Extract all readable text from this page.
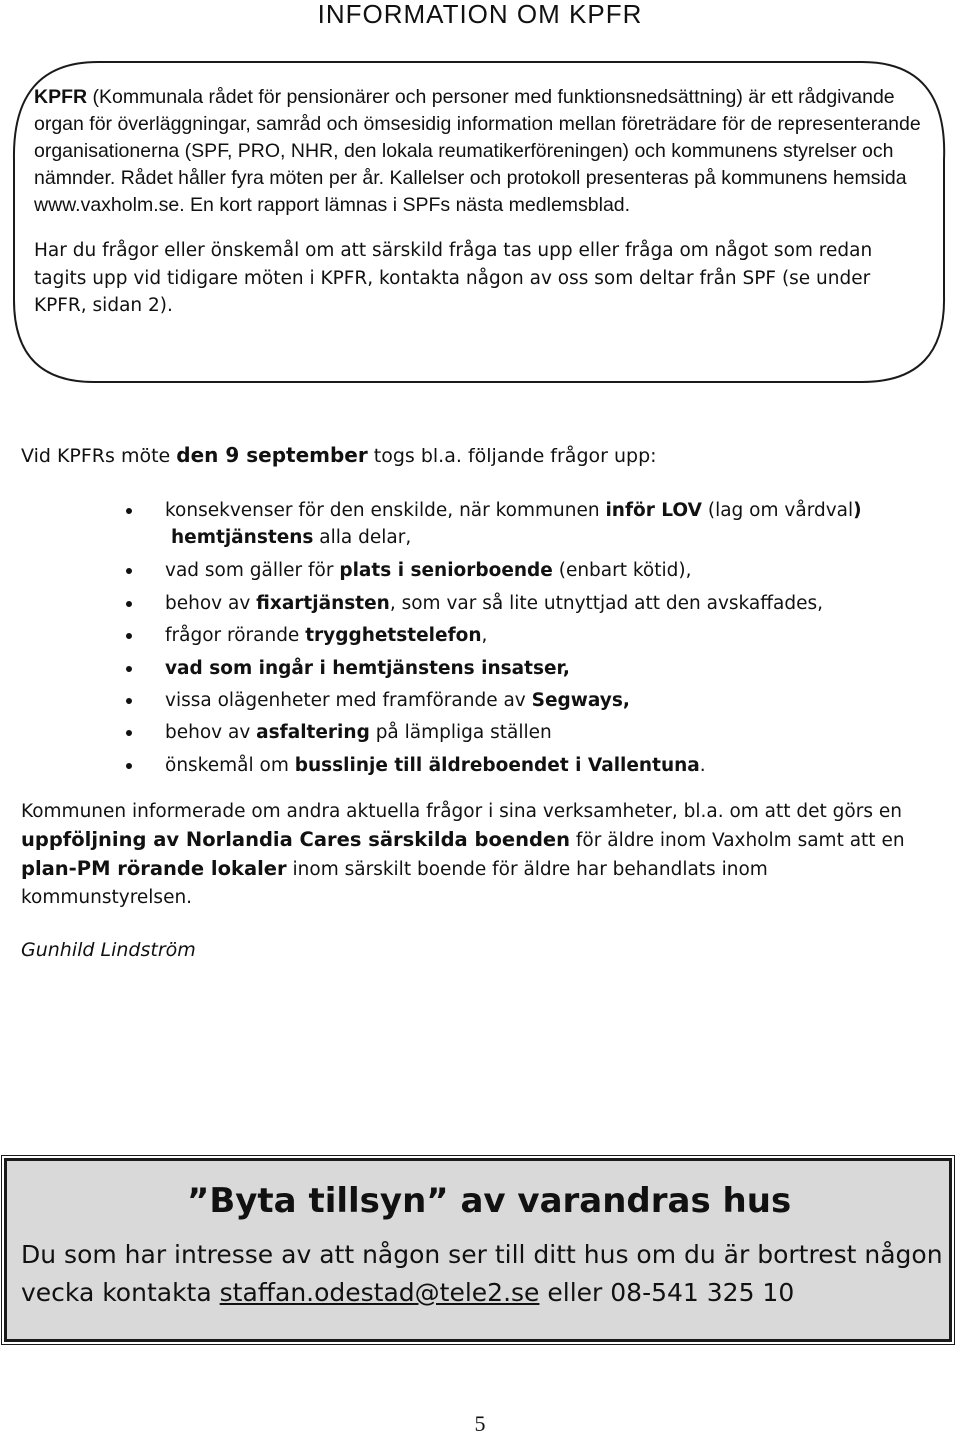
INFORMATION OM KPFR

KPFR (Kommunala rådet för pensionärer och personer med funktionsnedsättning) är ett rådgivande organ för överläggningar, samråd och ömsesidig information mellan företrädare för de representerande organisationerna (SPF, PRO, NHR, den lokala reumatikerföreningen) och kommunens styrelser och nämnder. Rådet håller fyra möten per år. Kallelser och protokoll presenteras på kommunens hemsida www.vaxholm.se. En kort rapport lämnas i SPFs nästa medlemsblad.

Har du frågor eller önskemål om att särskild fråga tas upp eller fråga om något som redan tagits upp vid tidigare möten i KPFR, kontakta någon av oss som deltar från SPF (se under KPFR, sidan 2).

Vid KPFRs möte den 9 september togs bl.a. följande frågor upp:

konsekvenser för den enskilde, när kommunen inför LOV (lag om vårdval)
hemtjänstens alla delar,
vad som gäller för plats i seniorboende (enbart kötid),
behov av fixartjänsten, som var så lite utnyttjad att den avskaffades,
frågor rörande trygghetstelefon,
vad som ingår i hemtjänstens insatser,
vissa olägenheter med framförande av Segways,
behov av asfaltering på lämpliga ställen
önskemål om busslinje till äldreboendet i Vallentuna.

Kommunen informerade om andra aktuella frågor i sina verksamheter, bl.a. om att det görs en uppföljning av Norlandia Cares särskilda boenden för äldre inom Vaxholm samt att en plan-PM rörande lokaler inom särskilt boende för äldre har behandlats inom kommunstyrelsen.

Gunhild Lindström

”Byta tillsyn” av varandras hus

Du som har intresse av att någon ser till ditt hus om du är bortrest någon vecka kontakta staffan.odestad@tele2.se eller 08-541 325 10

5
